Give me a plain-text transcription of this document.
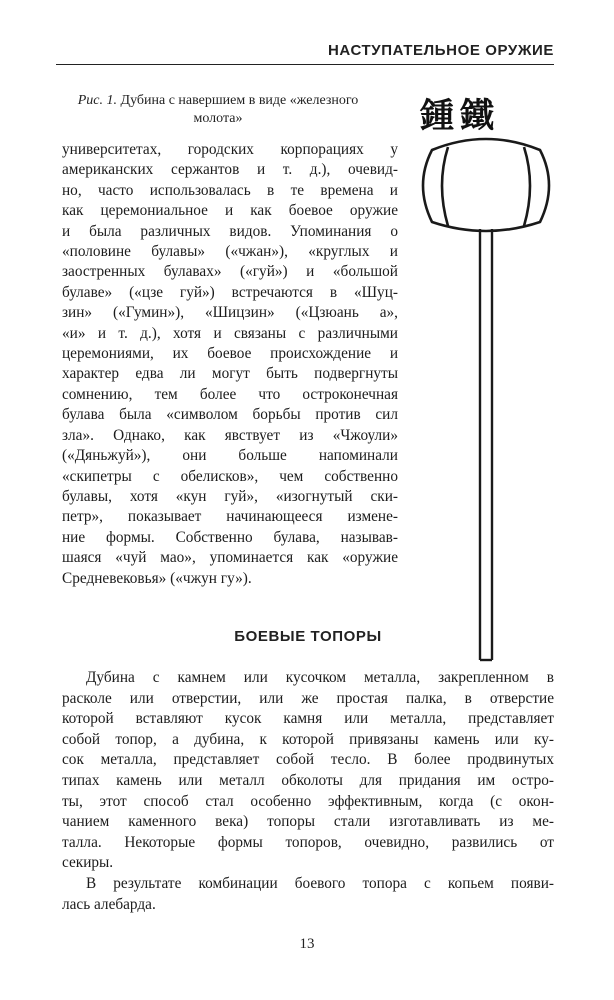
НАСТУПАТЕЛЬНОЕ ОРУЖИЕ
Рис. 1. Дубина с навершием в виде «железного
молота»	鍾鐵
университетах, городских корпорациях у
американских сержантов и т. д.), очевид-
но, часто использовалась в те времена и
как церемониальное и как боевое оружие
и была различных видов. Упоминания о
«половине булавы» («чжан»), «круглых и
заостренных булавах» («гуй») и «большой
булаве» («цзе гуй») встречаются в «Шуц-
зин» («Гумин»), «Шицзин» («Цзюань а»,
«и» и т. д.), хотя и связаны с различными
церемониями, их боевое происхождение и
характер едва ли могут быть подвергнуты
сомнению, тем более что остроконечная
булава была «символом борьбы против сил
зла». Однако, как явствует из «Чжоули»
(«Дяньжуй»), они больше напоминали
«скипетры с обелисков», чем собственно
булавы, хотя «кун гуй», «изогнутый ски-
петр», показывает начинающееся измене-
ние формы. Собственно булава, называв-
шаяся «чуй мао», упоминается как «оружие
Средневековья» («чжун гу»).
БОЕВЫЕ ТОПОРЫ
Дубина с камнем или кусочком металла, закрепленном в
расколе или отверстии, или же простая палка, в отверстие
которой вставляют кусок камня или металла, представляет
собой топор, а дубина, к которой привязаны камень или ку-
сок металла, представляет собой тесло. В более продвинутых
типах камень или металл обколоты для придания им остро-
ты, этот способ стал особенно эффективным, когда (с окон-
чанием каменного века) топоры стали изготавливать из ме-
талла. Некоторые формы топоров, очевидно, развились от
секиры.
В результате комбинации боевого топора с копьем появи-
лась алебарда.
13
